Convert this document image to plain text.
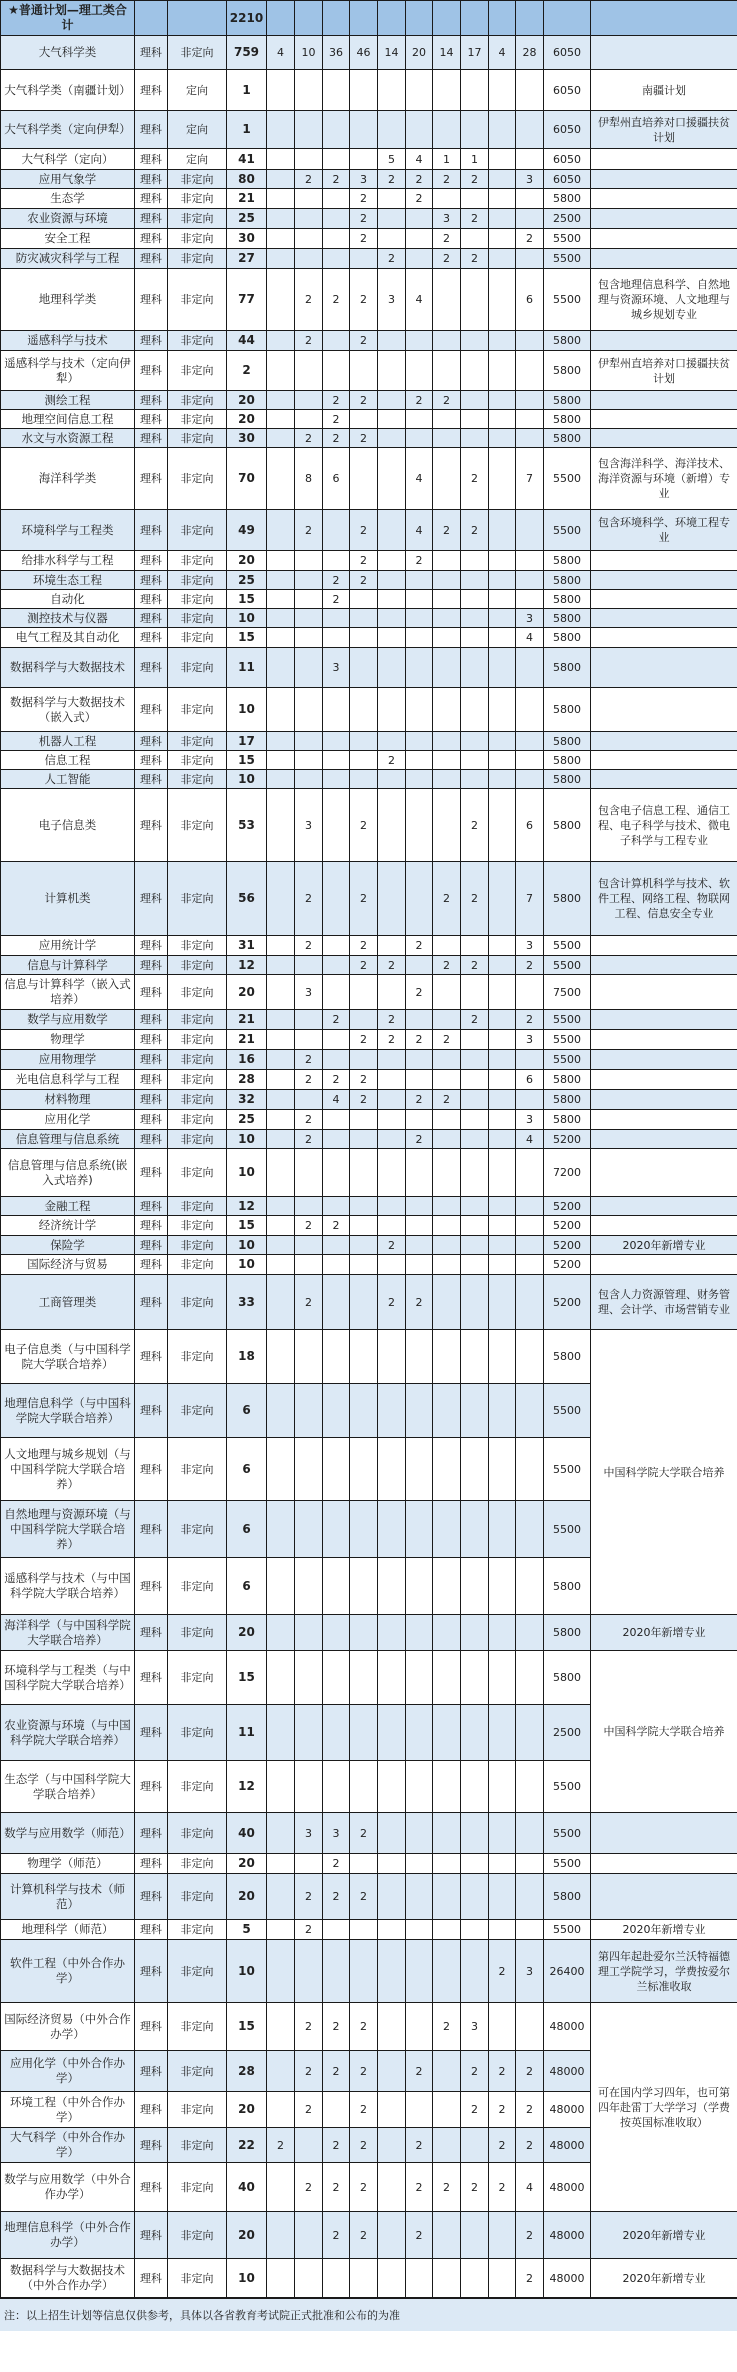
★普通计划—理工类合计			2210												
大气科学类	理科	非定向	759	4	10	36	46	14	20	14	17	4	28	6050	
大气科学类（南疆计划）	理科	定向	1											6050	南疆计划
大气科学类（定向伊犁）	理科	定向	1											6050	伊犁州直培养对口援疆扶贫计划
大气科学（定向）	理科	定向	41					5	4	1	1			6050	
应用气象学	理科	非定向	80		2	2	3	2	2	2	2		3	6050	
生态学	理科	非定向	21				2		2					5800	
农业资源与环境	理科	非定向	25				2			3	2			2500	
安全工程	理科	非定向	30				2			2			2	5500	
防灾减灾科学与工程	理科	非定向	27					2		2	2			5500	
地理科学类	理科	非定向	77		2	2	2	3	4				6	5500	包含地理信息科学、自然地理与资源环境、人文地理与城乡规划专业
遥感科学与技术	理科	非定向	44		2		2							5800	
遥感科学与技术（定向伊犁）	理科	非定向	2											5800	伊犁州直培养对口援疆扶贫计划
测绘工程	理科	非定向	20			2	2		2	2				5800	
地理空间信息工程	理科	非定向	20			2								5800	
水文与水资源工程	理科	非定向	30		2	2	2							5800	
海洋科学类	理科	非定向	70		8	6			4		2		7	5500	包含海洋科学、海洋技术、海洋资源与环境（新增）专业
环境科学与工程类	理科	非定向	49		2		2		4	2	2			5500	包含环境科学、环境工程专业
给排水科学与工程	理科	非定向	20				2		2					5800	
环境生态工程	理科	非定向	25			2	2							5800	
自动化	理科	非定向	15			2								5800	
测控技术与仪器	理科	非定向	10										3	5800	
电气工程及其自动化	理科	非定向	15										4	5800	
数据科学与大数据技术	理科	非定向	11			3								5800	
数据科学与大数据技术（嵌入式）	理科	非定向	10											5800	
机器人工程	理科	非定向	17											5800	
信息工程	理科	非定向	15					2						5800	
人工智能	理科	非定向	10											5800	
电子信息类	理科	非定向	53		3		2				2		6	5800	包含电子信息工程、通信工程、电子科学与技术、微电子科学与工程专业
计算机类	理科	非定向	56		2		2			2	2		7	5800	包含计算机科学与技术、软件工程、网络工程、物联网工程、信息安全专业
应用统计学	理科	非定向	31		2		2		2				3	5500	
信息与计算科学	理科	非定向	12				2	2		2	2		2	5500	
信息与计算科学（嵌入式培养）	理科	非定向	20		3				2					7500	
数学与应用数学	理科	非定向	21			2		2			2		2	5500	
物理学	理科	非定向	21				2	2	2	2			3	5500	
应用物理学	理科	非定向	16		2									5500	
光电信息科学与工程	理科	非定向	28		2	2	2						6	5800	
材料物理	理科	非定向	32			4	2		2	2				5800	
应用化学	理科	非定向	25		2								3	5800	
信息管理与信息系统	理科	非定向	10		2				2				4	5200	
信息管理与信息系统(嵌入式培养)	理科	非定向	10											7200	
金融工程	理科	非定向	12											5200	
经济统计学	理科	非定向	15		2	2								5200	
保险学	理科	非定向	10					2						5200	2020年新增专业
国际经济与贸易	理科	非定向	10											5200	
工商管理类	理科	非定向	33		2			2	2					5200	包含人力资源管理、财务管理、会计学、市场营销专业
电子信息类（与中国科学院大学联合培养）	理科	非定向	18											5800	中国科学院大学联合培养
地理信息科学（与中国科学院大学联合培养）	理科	非定向	6											5500	
人文地理与城乡规划（与中国科学院大学联合培养）	理科	非定向	6											5500	
自然地理与资源环境（与中国科学院大学联合培养）	理科	非定向	6											5500	
遥感科学与技术（与中国科学院大学联合培养）	理科	非定向	6											5800	
海洋科学（与中国科学院大学联合培养）	理科	非定向	20											5800	2020年新增专业
环境科学与工程类（与中国科学院大学联合培养）	理科	非定向	15											5800	中国科学院大学联合培养
农业资源与环境（与中国科学院大学联合培养）	理科	非定向	11											2500	
生态学（与中国科学院大学联合培养）	理科	非定向	12											5500	
数学与应用数学（师范）	理科	非定向	40		3	3	2							5500	
物理学（师范）	理科	非定向	20			2								5500	
计算机科学与技术（师范）	理科	非定向	20		2	2	2							5800	
地理科学（师范）	理科	非定向	5		2									5500	2020年新增专业
软件工程（中外合作办学）	理科	非定向	10									2	3	26400	第四年起赴爱尔兰沃特福德理工学院学习，学费按爱尔兰标准收取
国际经济贸易（中外合作办学）	理科	非定向	15		2	2	2			2	3			48000	可在国内学习四年，也可第四年赴雷丁大学学习（学费按英国标准收取）
应用化学（中外合作办学）	理科	非定向	28		2	2	2		2		2	2	2	48000	
环境工程（中外合作办学）	理科	非定向	20		2		2				2	2	2	48000	
大气科学（中外合作办学）	理科	非定向	22	2		2	2		2			2	2	48000	
数学与应用数学（中外合作办学）	理科	非定向	40		2	2	2		2	2	2	2	4	48000	
地理信息科学（中外合作办学）	理科	非定向	20			2	2		2				2	48000	2020年新增专业
数据科学与大数据技术（中外合作办学）	理科	非定向	10										2	48000	2020年新增专业
注：以上招生计划等信息仅供参考，具体以各省教育考试院正式批准和公布的为准
